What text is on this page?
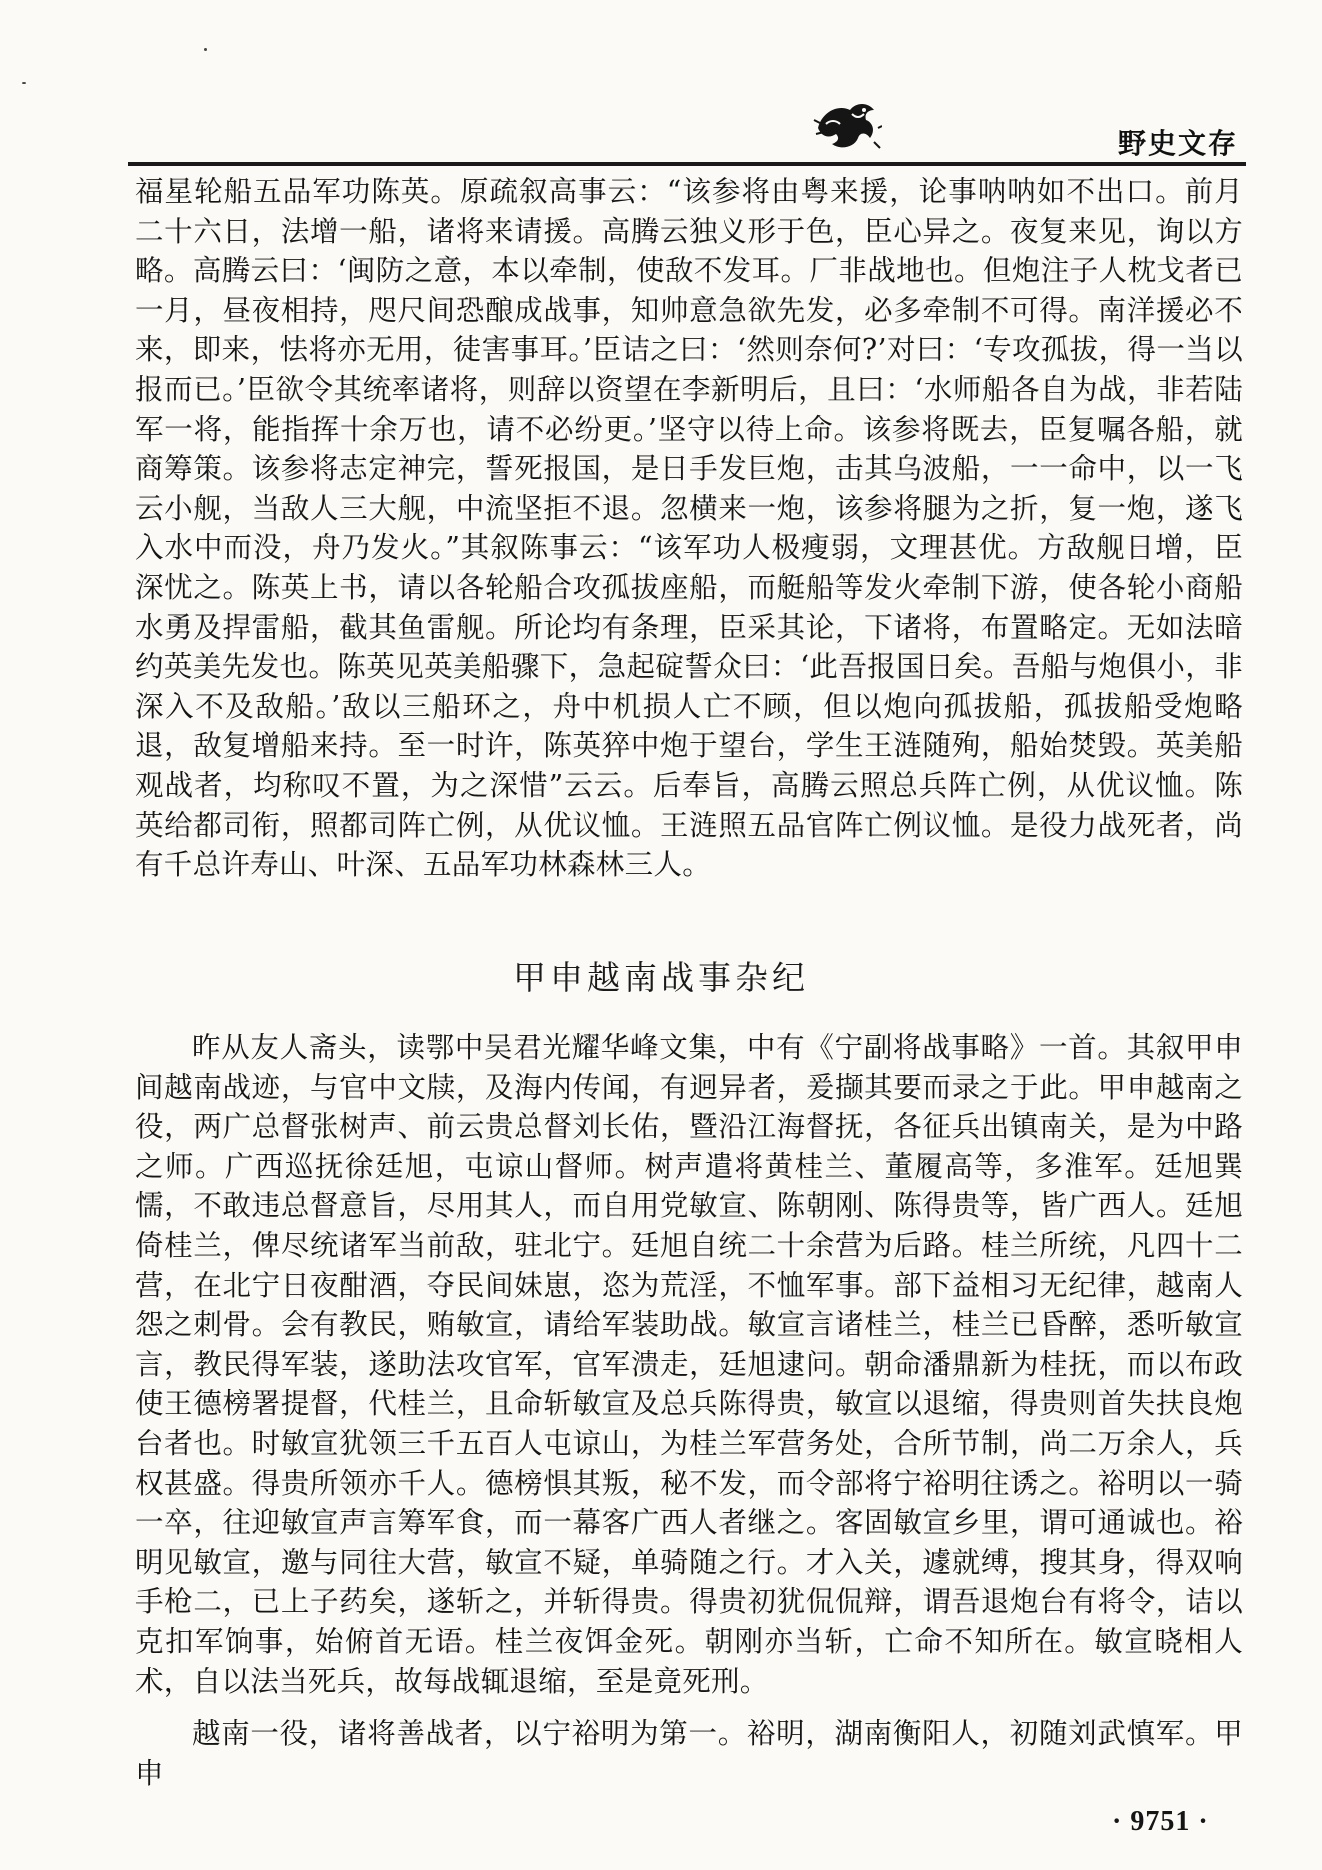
野史文存

福星轮船五品军功陈英。原疏叙高事云：“该参将由粤来援，论事呐呐如不出口。前月二十六日，法增一船，诸将来请援。高腾云独义形于色，臣心异之。夜复来见，询以方略。高腾云曰：‘闽防之意，本以牵制，使敌不发耳。厂非战地也。但炮注子人枕戈者已一月，昼夜相持，咫尺间恐酿成战事，知帅意急欲先发，必多牵制不可得。南洋援必不来，即来，怯将亦无用，徒害事耳。’臣诘之曰：‘然则奈何?’对曰：‘专攻孤拔，得一当以报而已。’臣欲令其统率诸将，则辞以资望在李新明后，且曰：‘水师船各自为战，非若陆军一将，能指挥十余万也，请不必纷更。’坚守以待上命。该参将既去，臣复嘱各船，就商筹策。该参将志定神完，誓死报国，是日手发巨炮，击其乌波船，一一命中，以一飞云小舰，当敌人三大舰，中流坚拒不退。忽横来一炮，该参将腿为之折，复一炮，遂飞入水中而没，舟乃发火。”其叙陈事云：“该军功人极瘦弱，文理甚优。方敌舰日增，臣深忧之。陈英上书，请以各轮船合攻孤拔座船，而艇船等发火牵制下游，使各轮小商船水勇及捍雷船，截其鱼雷舰。所论均有条理，臣采其论，下诸将，布置略定。无如法暗约英美先发也。陈英见英美船骤下，急起碇誓众曰：‘此吾报国日矣。吾船与炮俱小，非深入不及敌船。’敌以三船环之，舟中机损人亡不顾，但以炮向孤拔船，孤拔船受炮略退，敌复增船来持。至一时许，陈英猝中炮于望台，学生王涟随殉，船始焚毁。英美船观战者，均称叹不置，为之深惜”云云。后奉旨，高腾云照总兵阵亡例，从优议恤。陈英给都司衔，照都司阵亡例，从优议恤。王涟照五品官阵亡例议恤。是役力战死者，尚有千总许寿山、叶深、五品军功林森林三人。

甲申越南战事杂纪

昨从友人斋头，读鄂中吴君光耀华峰文集，中有《宁副将战事略》一首。其叙甲申间越南战迹，与官中文牍，及海内传闻，有迥异者，爰撷其要而录之于此。甲申越南之役，两广总督张树声、前云贵总督刘长佑，暨沿江海督抚，各征兵出镇南关，是为中路之师。广西巡抚徐廷旭，屯谅山督师。树声遣将黄桂兰、董履高等，多淮军。廷旭巽懦，不敢违总督意旨，尽用其人，而自用党敏宣、陈朝刚、陈得贵等，皆广西人。廷旭倚桂兰，俾尽统诸军当前敌，驻北宁。廷旭自统二十余营为后路。桂兰所统，凡四十二营，在北宁日夜酣酒，夺民间妹崽，恣为荒淫，不恤军事。部下益相习无纪律，越南人怨之刺骨。会有教民，贿敏宣，请给军装助战。敏宣言诸桂兰，桂兰已昏醉，悉听敏宣言，教民得军装，遂助法攻官军，官军溃走，廷旭逮问。朝命潘鼎新为桂抚，而以布政使王德榜署提督，代桂兰，且命斩敏宣及总兵陈得贵，敏宣以退缩，得贵则首失扶良炮台者也。时敏宣犹领三千五百人屯谅山，为桂兰军营务处，合所节制，尚二万余人，兵权甚盛。得贵所领亦千人。德榜惧其叛，秘不发，而令部将宁裕明往诱之。裕明以一骑一卒，往迎敏宣声言筹军食，而一幕客广西人者继之。客固敏宣乡里，谓可通诚也。裕明见敏宣，邀与同往大营，敏宣不疑，单骑随之行。才入关，遽就缚，搜其身，得双响手枪二，已上子药矣，遂斩之，并斩得贵。得贵初犹侃侃辩，谓吾退炮台有将令，诘以克扣军饷事，始俯首无语。桂兰夜饵金死。朝刚亦当斩，亡命不知所在。敏宣晓相人术，自以法当死兵，故每战辄退缩，至是竟死刑。

越南一役，诸将善战者，以宁裕明为第一。裕明，湖南衡阳人，初随刘武慎军。甲申

· 9751 ·
